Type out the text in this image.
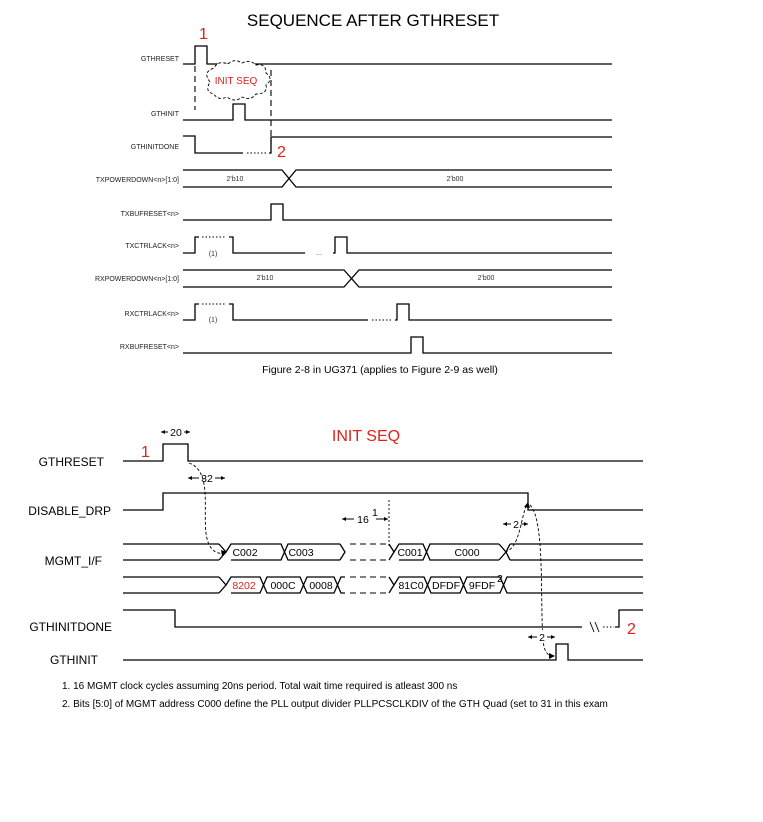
SEQUENCE AFTER GTHRESET
1
GTHRESET
GTHINIT
GTHINITDONE
TXPOWERDOWN<n>[1:0]
TXBUFRESET<n>
TXCTRLACK<n>
RXPOWERDOWN<n>[1:0]
RXCTRLACK<n>
RXBUFRESET<n>
INIT SEQ
2
2'b10	2'b00
(1)	...
2'b10	2'b00
(1)
Figure 2-8 in UG371 (applies to Figure 2-9 as well)
INIT SEQ
GTHRESET
DISABLE_DRP
MGMT_I/F
GTHINITDONE
GTHINIT
1
20
32
16
1
2
C002	C003	C001	C000
8202 000C 0008	81C0 DFDF 9FDF
2
2
2
1. 16 MGMT clock cycles assuming 20ns period. Total wait time required is atleast 300 ns
2. Bits [5:0] of MGMT address C000 define the PLL output divider PLLPCSCLKDIV of the GTH Quad (set to 31 in this exam
